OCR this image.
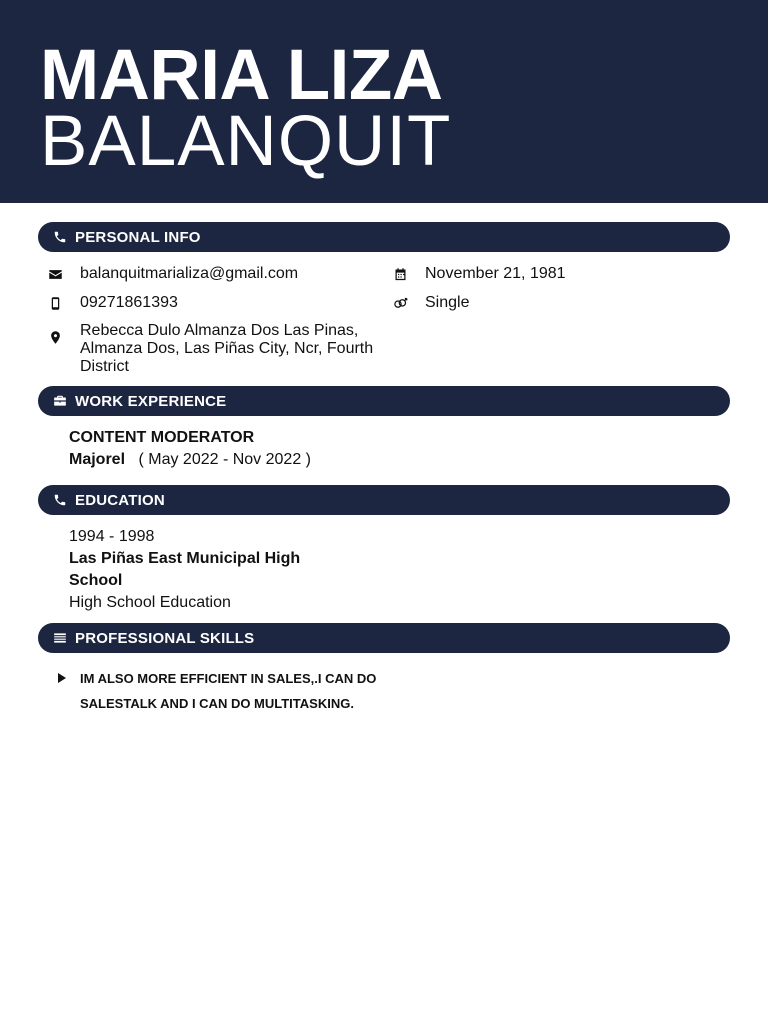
MARIA LIZA
BALANQUIT
PERSONAL INFO
balanquitmarializa@gmail.com
09271861393
Rebecca Dulo Almanza Dos Las Pinas, Almanza Dos, Las Piñas City, Ncr, Fourth District
November 21, 1981
Single
WORK EXPERIENCE
CONTENT MODERATOR
Majorel ( May 2022 - Nov 2022 )
EDUCATION
1994 - 1998
Las Piñas East Municipal High
School
High School Education
PROFESSIONAL SKILLS
IM ALSO MORE EFFICIENT IN SALES,.I CAN DO SALESTALK AND I CAN DO MULTITASKING.
